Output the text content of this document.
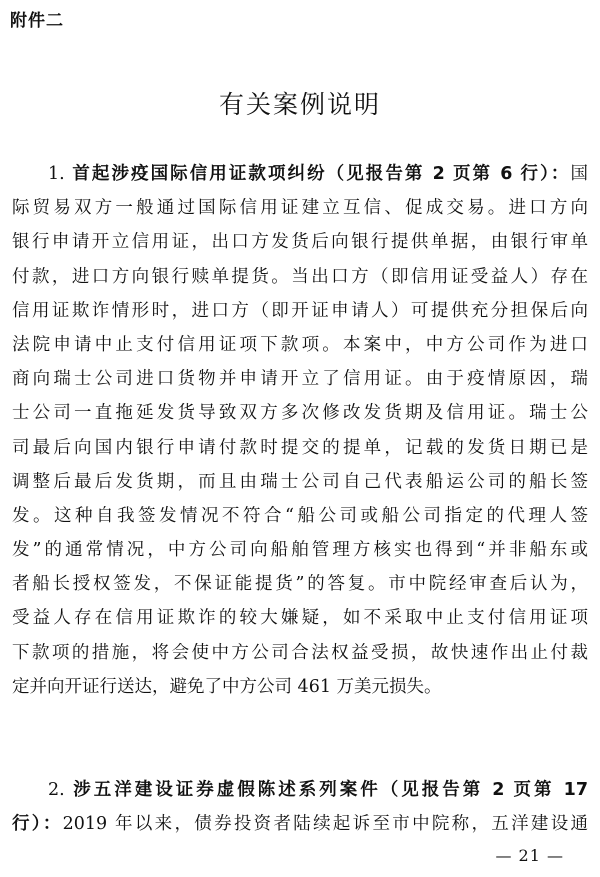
附件二
有关案例说明
1. 首起涉疫国际信用证款项纠纷（见报告第 2 页第 6 行）：国
际贸易双方一般通过国际信用证建立互信、促成交易。进口方向
银行申请开立信用证，出口方发货后向银行提供单据，由银行审单
付款，进口方向银行赎单提货。当出口方（即信用证受益人）存在
信用证欺诈情形时，进口方（即开证申请人）可提供充分担保后向
法院申请中止支付信用证项下款项。本案中，中方公司作为进口
商向瑞士公司进口货物并申请开立了信用证。由于疫情原因，瑞
士公司一直拖延发货导致双方多次修改发货期及信用证。瑞士公
司最后向国内银行申请付款时提交的提单，记载的发货日期已是
调整后最后发货期，而且由瑞士公司自己代表船运公司的船长签
发。这种自我签发情况不符合“船公司或船公司指定的代理人签
发”的通常情况，中方公司向船舶管理方核实也得到“并非船东或
者船长授权签发，不保证能提货”的答复。市中院经审查后认为，
受益人存在信用证欺诈的较大嫌疑，如不采取中止支付信用证项
下款项的措施，将会使中方公司合法权益受损，故快速作出止付裁
定并向开证行送达，避免了中方公司 461 万美元损失。
2. 涉五洋建设证券虚假陈述系列案件（见报告第 2 页第 17
行）：2019 年以来，债券投资者陆续起诉至市中院称，五洋建设通
— 21 —
